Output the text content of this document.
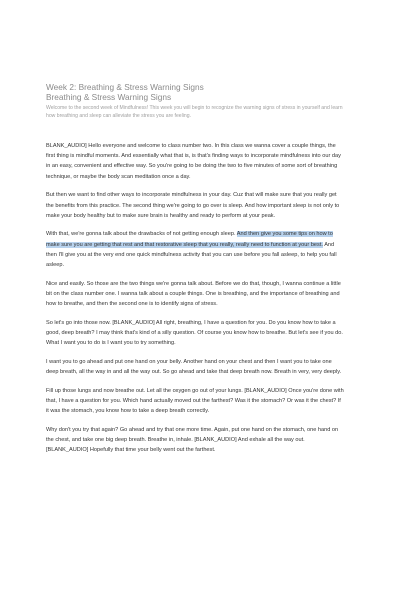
Week 2: Breathing & Stress Warning Signs
Breathing & Stress Warning Signs
Welcome to the second week of Mindfulness! This week you will begin to recognize the warning signs of stress in yourself and learn how breathing and sleep can alleviate the stress you are feeling.

BLANK_AUDIO] Hello everyone and welcome to class number two. In this class we wanna cover a couple things, the first thing is mindful moments. And essentially what that is, is that's finding ways to incorporate mindfulness into our day in an easy, convenient and effective way. So you're going to be doing the two to five minutes of some sort of breathing technique, or maybe the body scan meditation once a day.

But then we want to find other ways to incorporate mindfulness in your day. Cuz that will make sure that you really get the benefits from this practice. The second thing we're going to go over is sleep. And how important sleep is not only to make your body healthy but to make sure brain is healthy and ready to perform at your peak.

With that, we're gonna talk about the drawbacks of not getting enough sleep. And then give you some tips on how to make sure you are getting that rest and that restorative sleep that you really, really need to function at your best. And then I'll give you at the very end one quick mindfulness activity that you can use before you fall asleep, to help you fall asleep.

Nice and easily. So those are the two things we're gonna talk about. Before we do that, though, I wanna continue a little bit on the class number one. I wanna talk about a couple things. One is breathing, and the importance of breathing and how to breathe, and then the second one is to identify signs of stress.

So let's go into those now. [BLANK_AUDIO] All right, breathing, I have a question for you. Do you know how to take a good, deep breath? I may think that's kind of a silly question. Of course you know how to breathe. But let's see if you do. What I want you to do is I want you to try something.

I want you to go ahead and put one hand on your belly. Another hand on your chest and then I want you to take one deep breath, all the way in and all the way out. So go ahead and take that deep breath now. Breath in very, very deeply.

Fill up those lungs and now breathe out. Let all the oxygen go out of your lungs. [BLANK_AUDIO] Once you're done with that, I have a question for you. Which hand actually moved out the farthest? Was it the stomach? Or was it the chest? If it was the stomach, you know how to take a deep breath correctly.

Why don't you try that again? Go ahead and try that one more time. Again, put one hand on the stomach, one hand on the chest, and take one big deep breath. Breathe in, inhale. [BLANK_AUDIO] And exhale all the way out. [BLANK_AUDIO] Hopefully that time your belly went out the farthest.
